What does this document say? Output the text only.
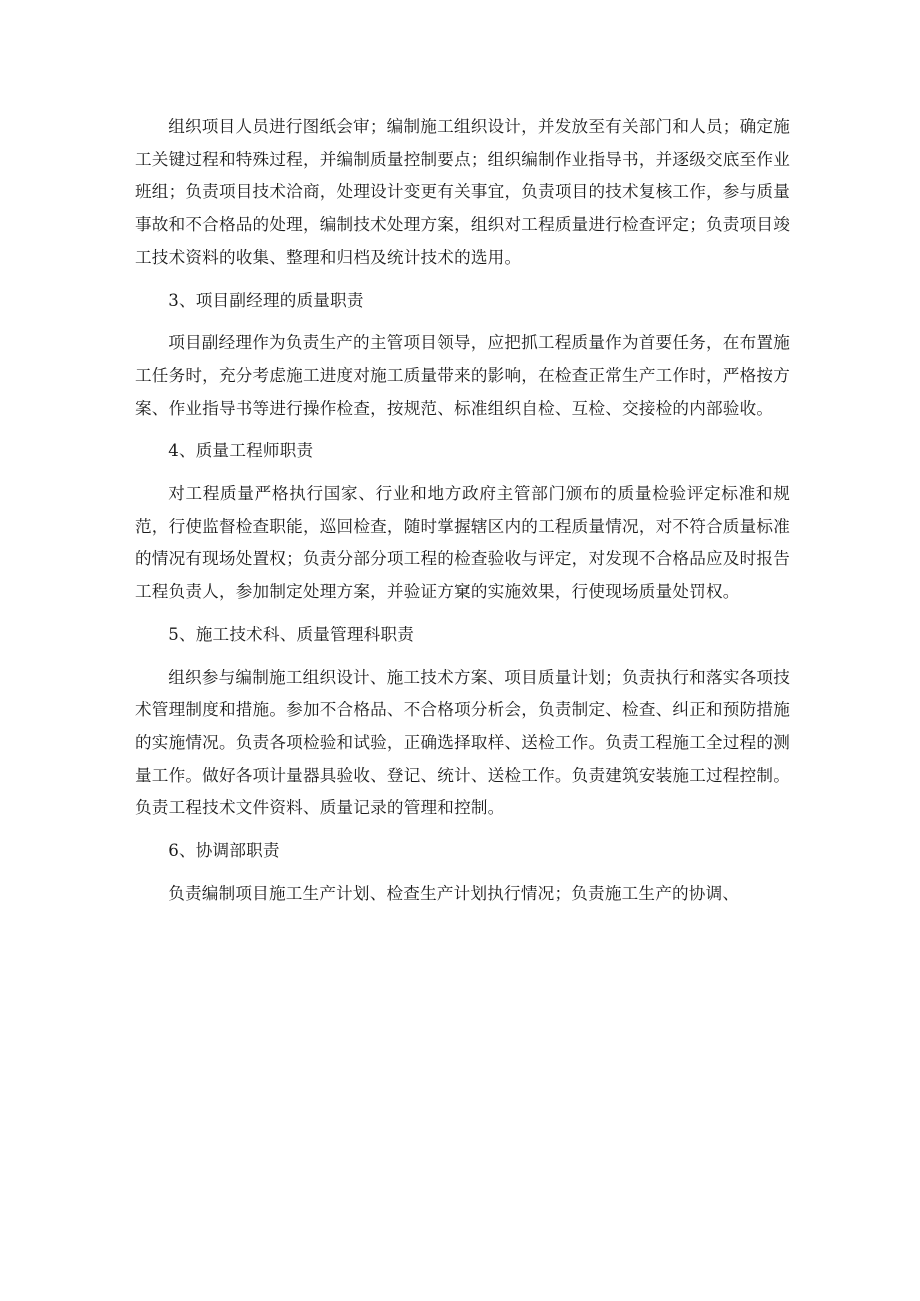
组织项目人员进行图纸会审；编制施工组织设计，并发放至有关部门和人员；确定施工关键过程和特殊过程，并编制质量控制要点；组织编制作业指导书，并逐级交底至作业班组；负责项目技术洽商，处理设计变更有关事宜，负责项目的技术复核工作，参与质量事故和不合格品的处理，编制技术处理方案，组织对工程质量进行检查评定；负责项目竣工技术资料的收集、整理和归档及统计技术的选用。

3、项目副经理的质量职责

项目副经理作为负责生产的主管项目领导，应把抓工程质量作为首要任务，在布置施工任务时，充分考虑施工进度对施工质量带来的影响，在检查正常生产工作时，严格按方案、作业指导书等进行操作检查，按规范、标准组织自检、互检、交接检的内部验收。

4、质量工程师职责

对工程质量严格执行国家、行业和地方政府主管部门颁布的质量检验评定标准和规范，行使监督检查职能，巡回检查，随时掌握辖区内的工程质量情况，对不符合质量标准的情况有现场处置权；负责分部分项工程的检查验收与评定，对发现不合格品应及时报告工程负责人，参加制定处理方案，并验证方窠的实施效果，行使现场质量处罚权。

5、施工技术科、质量管理科职责

组织参与编制施工组织设计、施工技术方案、项目质量计划；负责执行和落实各项技术管理制度和措施。参加不合格品、不合格项分析会，负责制定、检查、纠正和预防措施的实施情况。负责各项检验和试验，正确选择取样、送检工作。负责工程施工全过程的测量工作。做好各项计量器具验收、登记、统计、送检工作。负责建筑安装施工过程控制。负责工程技术文件资料、质量记录的管理和控制。

6、协调部职责

负责编制项目施工生产计划、检查生产计划执行情况；负责施工生产的协调、
